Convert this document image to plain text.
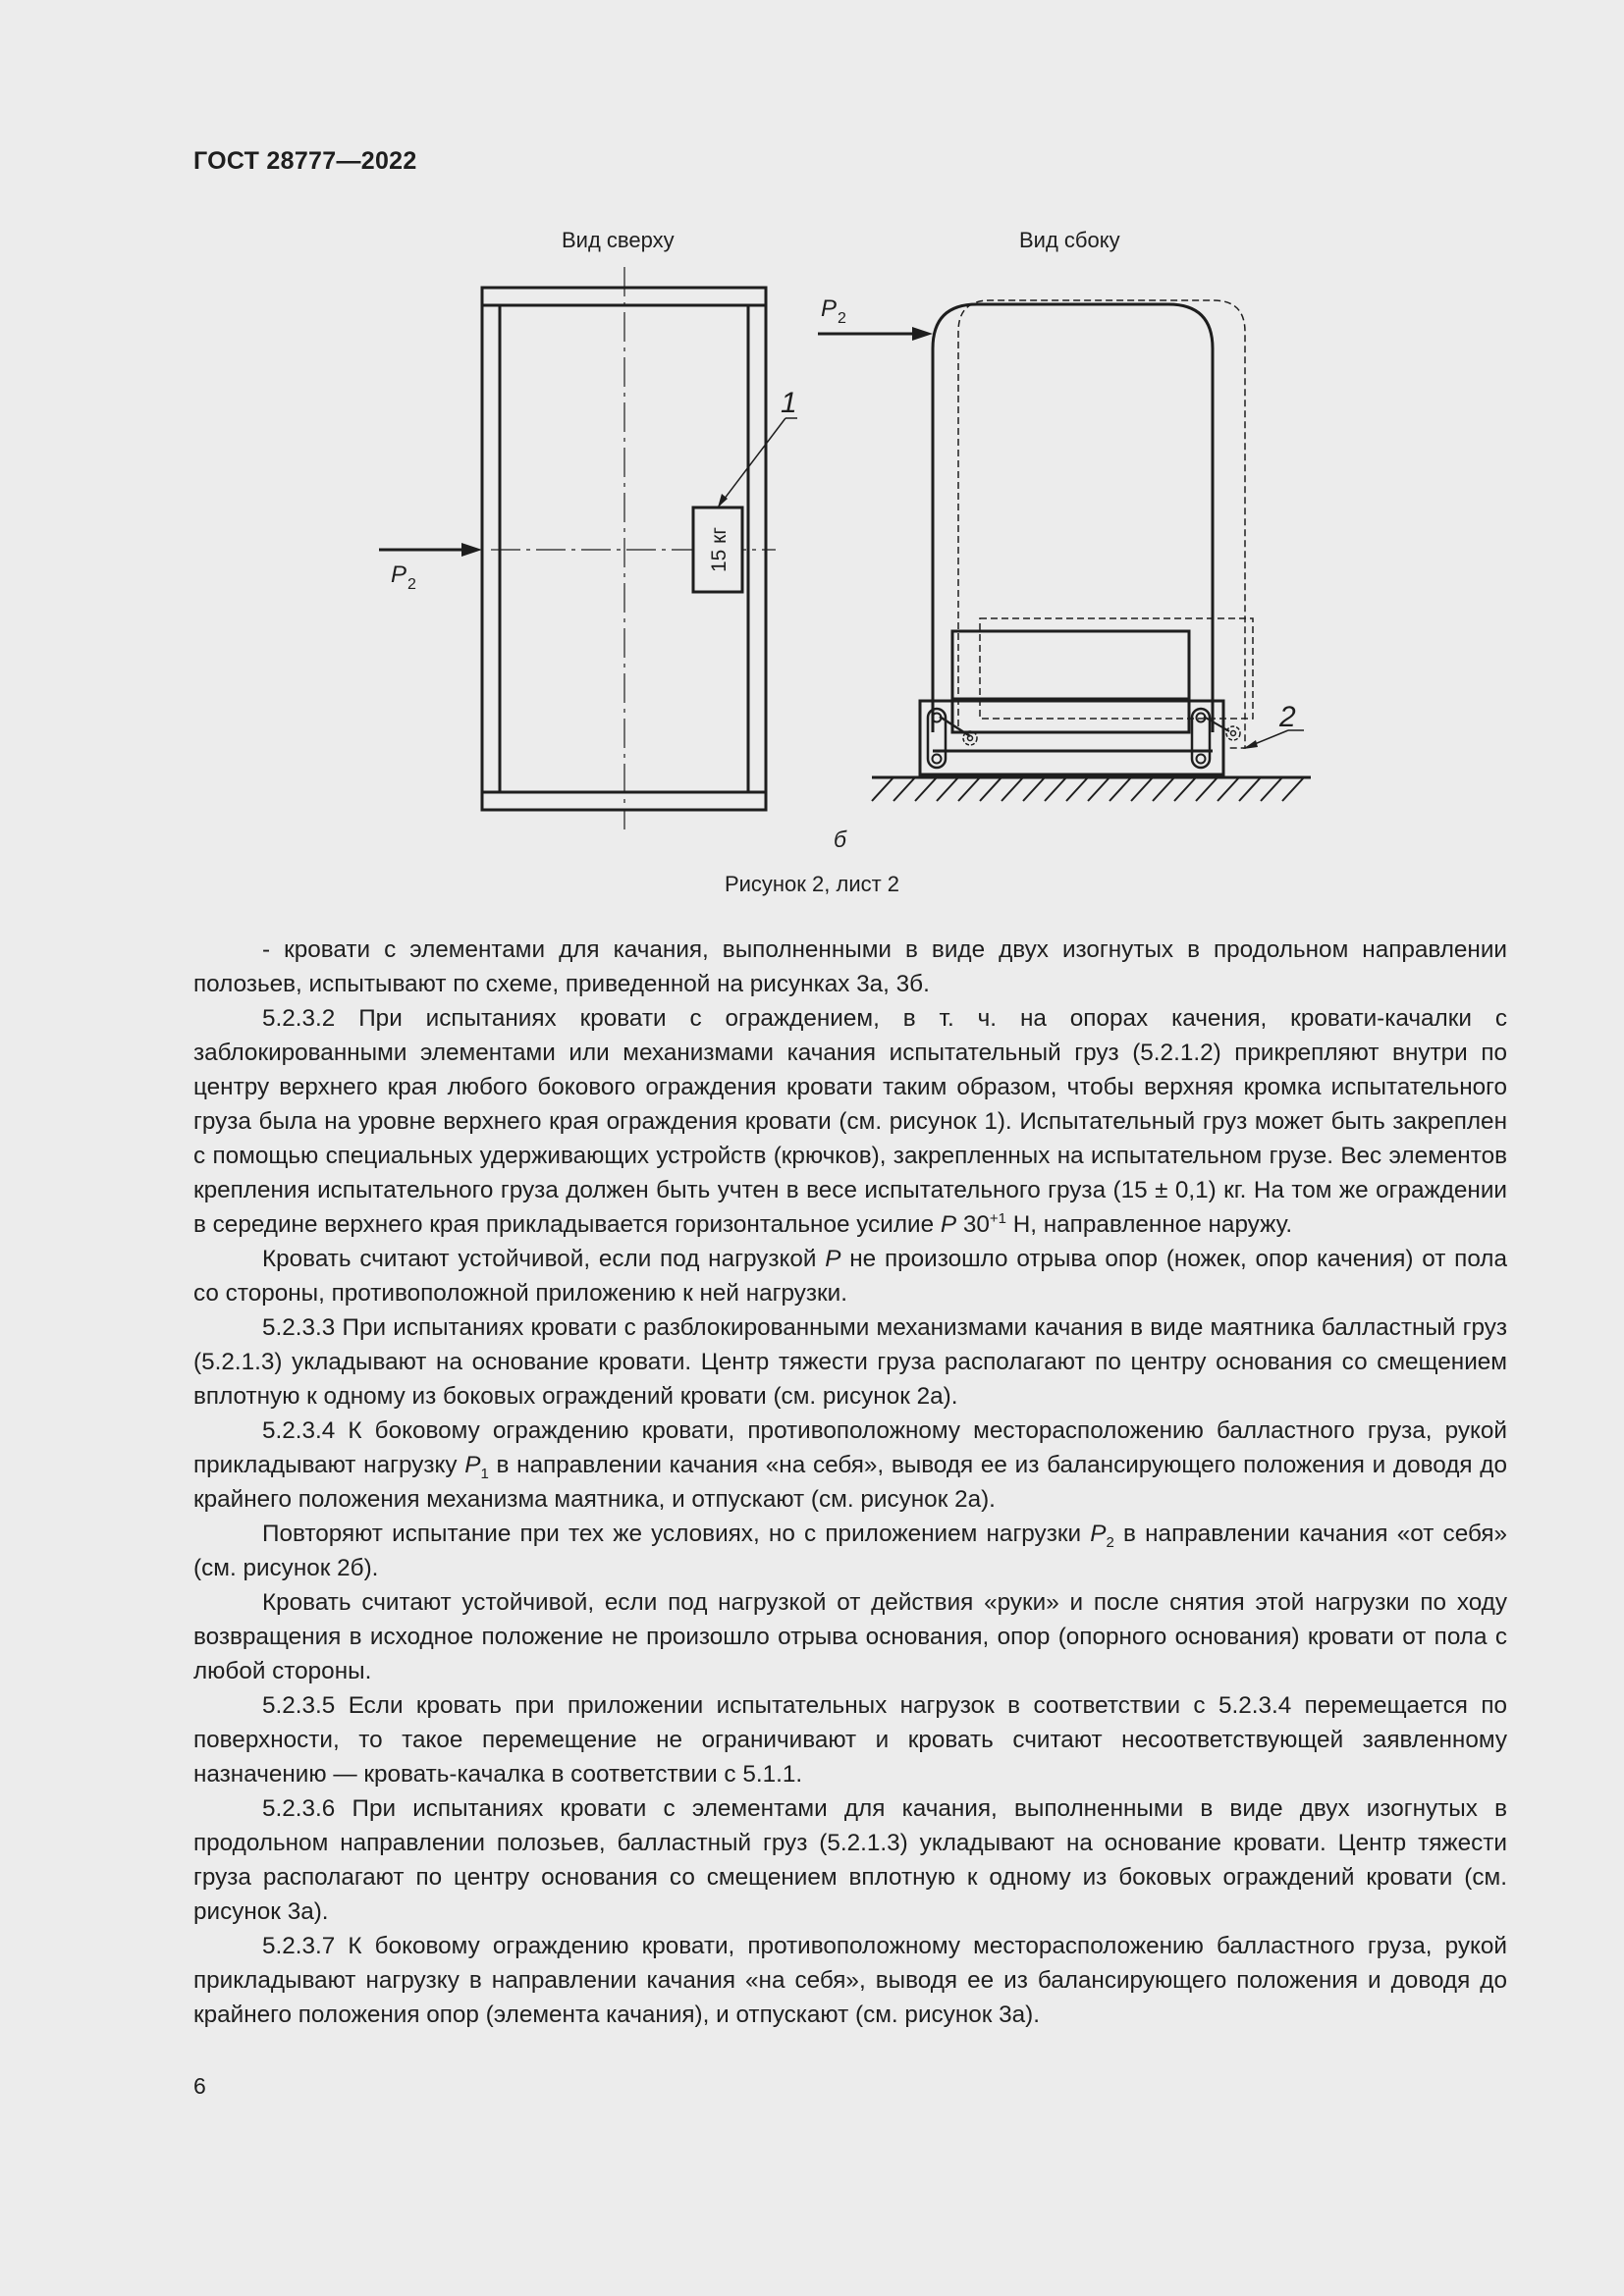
ГОСТ 28777—2022
Вид сверху	Вид сбоку
15 кг
1
P 2
2
P 2
б
Рисунок 2, лист 2

- кровати с элементами для качания, выполненными в виде двух изогнутых в продольном направлении полозьев, испытывают по схеме, приведенной на рисунках 3а, 3б.

5.2.3.2 При испытаниях кровати с ограждением, в т. ч. на опорах качения, кровати-качалки с заблокированными элементами или механизмами качания испытательный груз (5.2.1.2) прикрепляют внутри по центру верхнего края любого бокового ограждения кровати таким образом, чтобы верхняя кромка испытательного груза была на уровне верхнего края ограждения кровати (см. рисунок 1). Испытательный груз может быть закреплен с помощью специальных удерживающих устройств (крючков), закрепленных на испытательном грузе. Вес элементов крепления испытательного груза должен быть учтен в весе испытательного груза (15 ± 0,1) кг. На том же ограждении в середине верхнего края прикладывается горизонтальное усилие P $30^{+1}$ Н, направленное наружу.

Кровать считают устойчивой, если под нагрузкой P не произошло отрыва опор (ножек, опор качения) от пола со стороны, противоположной приложению к ней нагрузки.

5.2.3.3 При испытаниях кровати с разблокированными механизмами качания в виде маятника балластный груз (5.2.1.3) укладывают на основание кровати. Центр тяжести груза располагают по центру основания со смещением вплотную к одному из боковых ограждений кровати (см. рисунок 2а).

5.2.3.4 К боковому ограждению кровати, противоположному месторасположению балластного груза, рукой прикладывают нагрузку $P_1$ в направлении качания «на себя», выводя ее из балансирующего положения и доводя до крайнего положения механизма маятника, и отпускают (см. рисунок 2а).

Повторяют испытание при тех же условиях, но с приложением нагрузки $P_2$ в направлении качания «от себя» (см. рисунок 2б).

Кровать считают устойчивой, если под нагрузкой от действия «руки» и после снятия этой нагрузки по ходу возвращения в исходное положение не произошло отрыва основания, опор (опорного основания) кровати от пола с любой стороны.

5.2.3.5 Если кровать при приложении испытательных нагрузок в соответствии с 5.2.3.4 перемещается по поверхности, то такое перемещение не ограничивают и кровать считают несоответствующей заявленному назначению — кровать-качалка в соответствии с 5.1.1.

5.2.3.6 При испытаниях кровати с элементами для качания, выполненными в виде двух изогнутых в продольном направлении полозьев, балластный груз (5.2.1.3) укладывают на основание кровати. Центр тяжести груза располагают по центру основания со смещением вплотную к одному из боковых ограждений кровати (см. рисунок 3а).

5.2.3.7 К боковому ограждению кровати, противоположному месторасположению балластного груза, рукой прикладывают нагрузку в направлении качания «на себя», выводя ее из балансирующего положения и доводя до крайнего положения опор (элемента качания), и отпускают (см. рисунок 3а).

6
